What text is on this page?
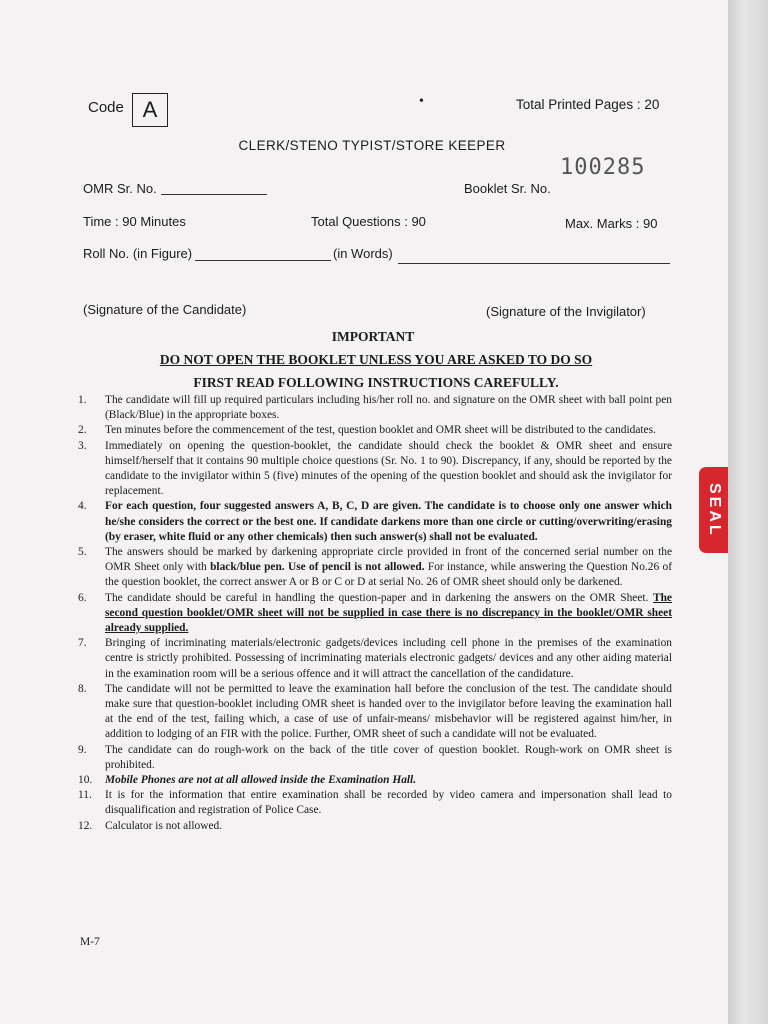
Code A	•	Total Printed Pages : 20
CLERK/STENO TYPIST/STORE KEEPER
100285
OMR Sr. No.	Booklet Sr. No.
Time : 90 Minutes	Total Questions : 90	Max. Marks : 90
Roll No. (in Figure)	(in Words)
(Signature of the Candidate)	(Signature of the Invigilator)
IMPORTANT
DO NOT OPEN THE BOOKLET UNLESS YOU ARE ASKED TO DO SO
FIRST READ FOLLOWING INSTRUCTIONS CAREFULLY.
1.	The candidate will fill up required particulars including his/her roll no. and signature on the OMR sheet with ball point pen (Black/Blue) in the appropriate boxes.
2.	Ten minutes before the commencement of the test, question booklet and OMR sheet will be distributed to the candidates.
3.	Immediately on opening the question-booklet, the candidate should check the booklet & OMR sheet and ensure himself/herself that it contains 90 multiple choice questions (Sr. No. 1 to 90). Discrepancy, if any, should be reported by the candidate to the invigilator within 5 (five) minutes of the opening of the question booklet and should ask the invigilator for replacement.
4.	For each question, four suggested answers A, B, C, D are given. The candidate is to choose only one answer which he/she considers the correct or the best one. If candidate darkens more than one circle or cutting/overwriting/erasing (by eraser, white fluid or any other chemicals) then such answer(s) shall not be evaluated.
5.	The answers should be marked by darkening appropriate circle provided in front of the concerned serial number on the OMR Sheet only with black/blue pen. Use of pencil is not allowed. For instance, while answering the Question No.26 of the question booklet, the correct answer A or B or C or D at serial No. 26 of OMR sheet should only be darkened.
6.	The candidate should be careful in handling the question-paper and in darkening the answers on the OMR Sheet. The second question booklet/OMR sheet will not be supplied in case there is no discrepancy in the booklet/OMR sheet already supplied.
7.	Bringing of incriminating materials/electronic gadgets/devices including cell phone in the premises of the examination centre is strictly prohibited. Possessing of incriminating materials electronic gadgets/ devices and any other aiding material in the examination room will be a serious offence and it will attract the cancellation of the candidature.
8.	The candidate will not be permitted to leave the examination hall before the conclusion of the test. The candidate should make sure that question-booklet including OMR sheet is handed over to the invigilator before leaving the examination hall at the end of the test, failing which, a case of use of unfair-means/ misbehavior will be registered against him/her, in addition to lodging of an FIR with the police. Further, OMR sheet of such a candidate will not be evaluated.
9.	The candidate can do rough-work on the back of the title cover of question booklet. Rough-work on OMR sheet is prohibited.
10.	Mobile Phones are not at all allowed inside the Examination Hall.
11.	It is for the information that entire examination shall be recorded by video camera and impersonation shall lead to disqualification and registration of Police Case.
12.	Calculator is not allowed.
M-7
SEAL
